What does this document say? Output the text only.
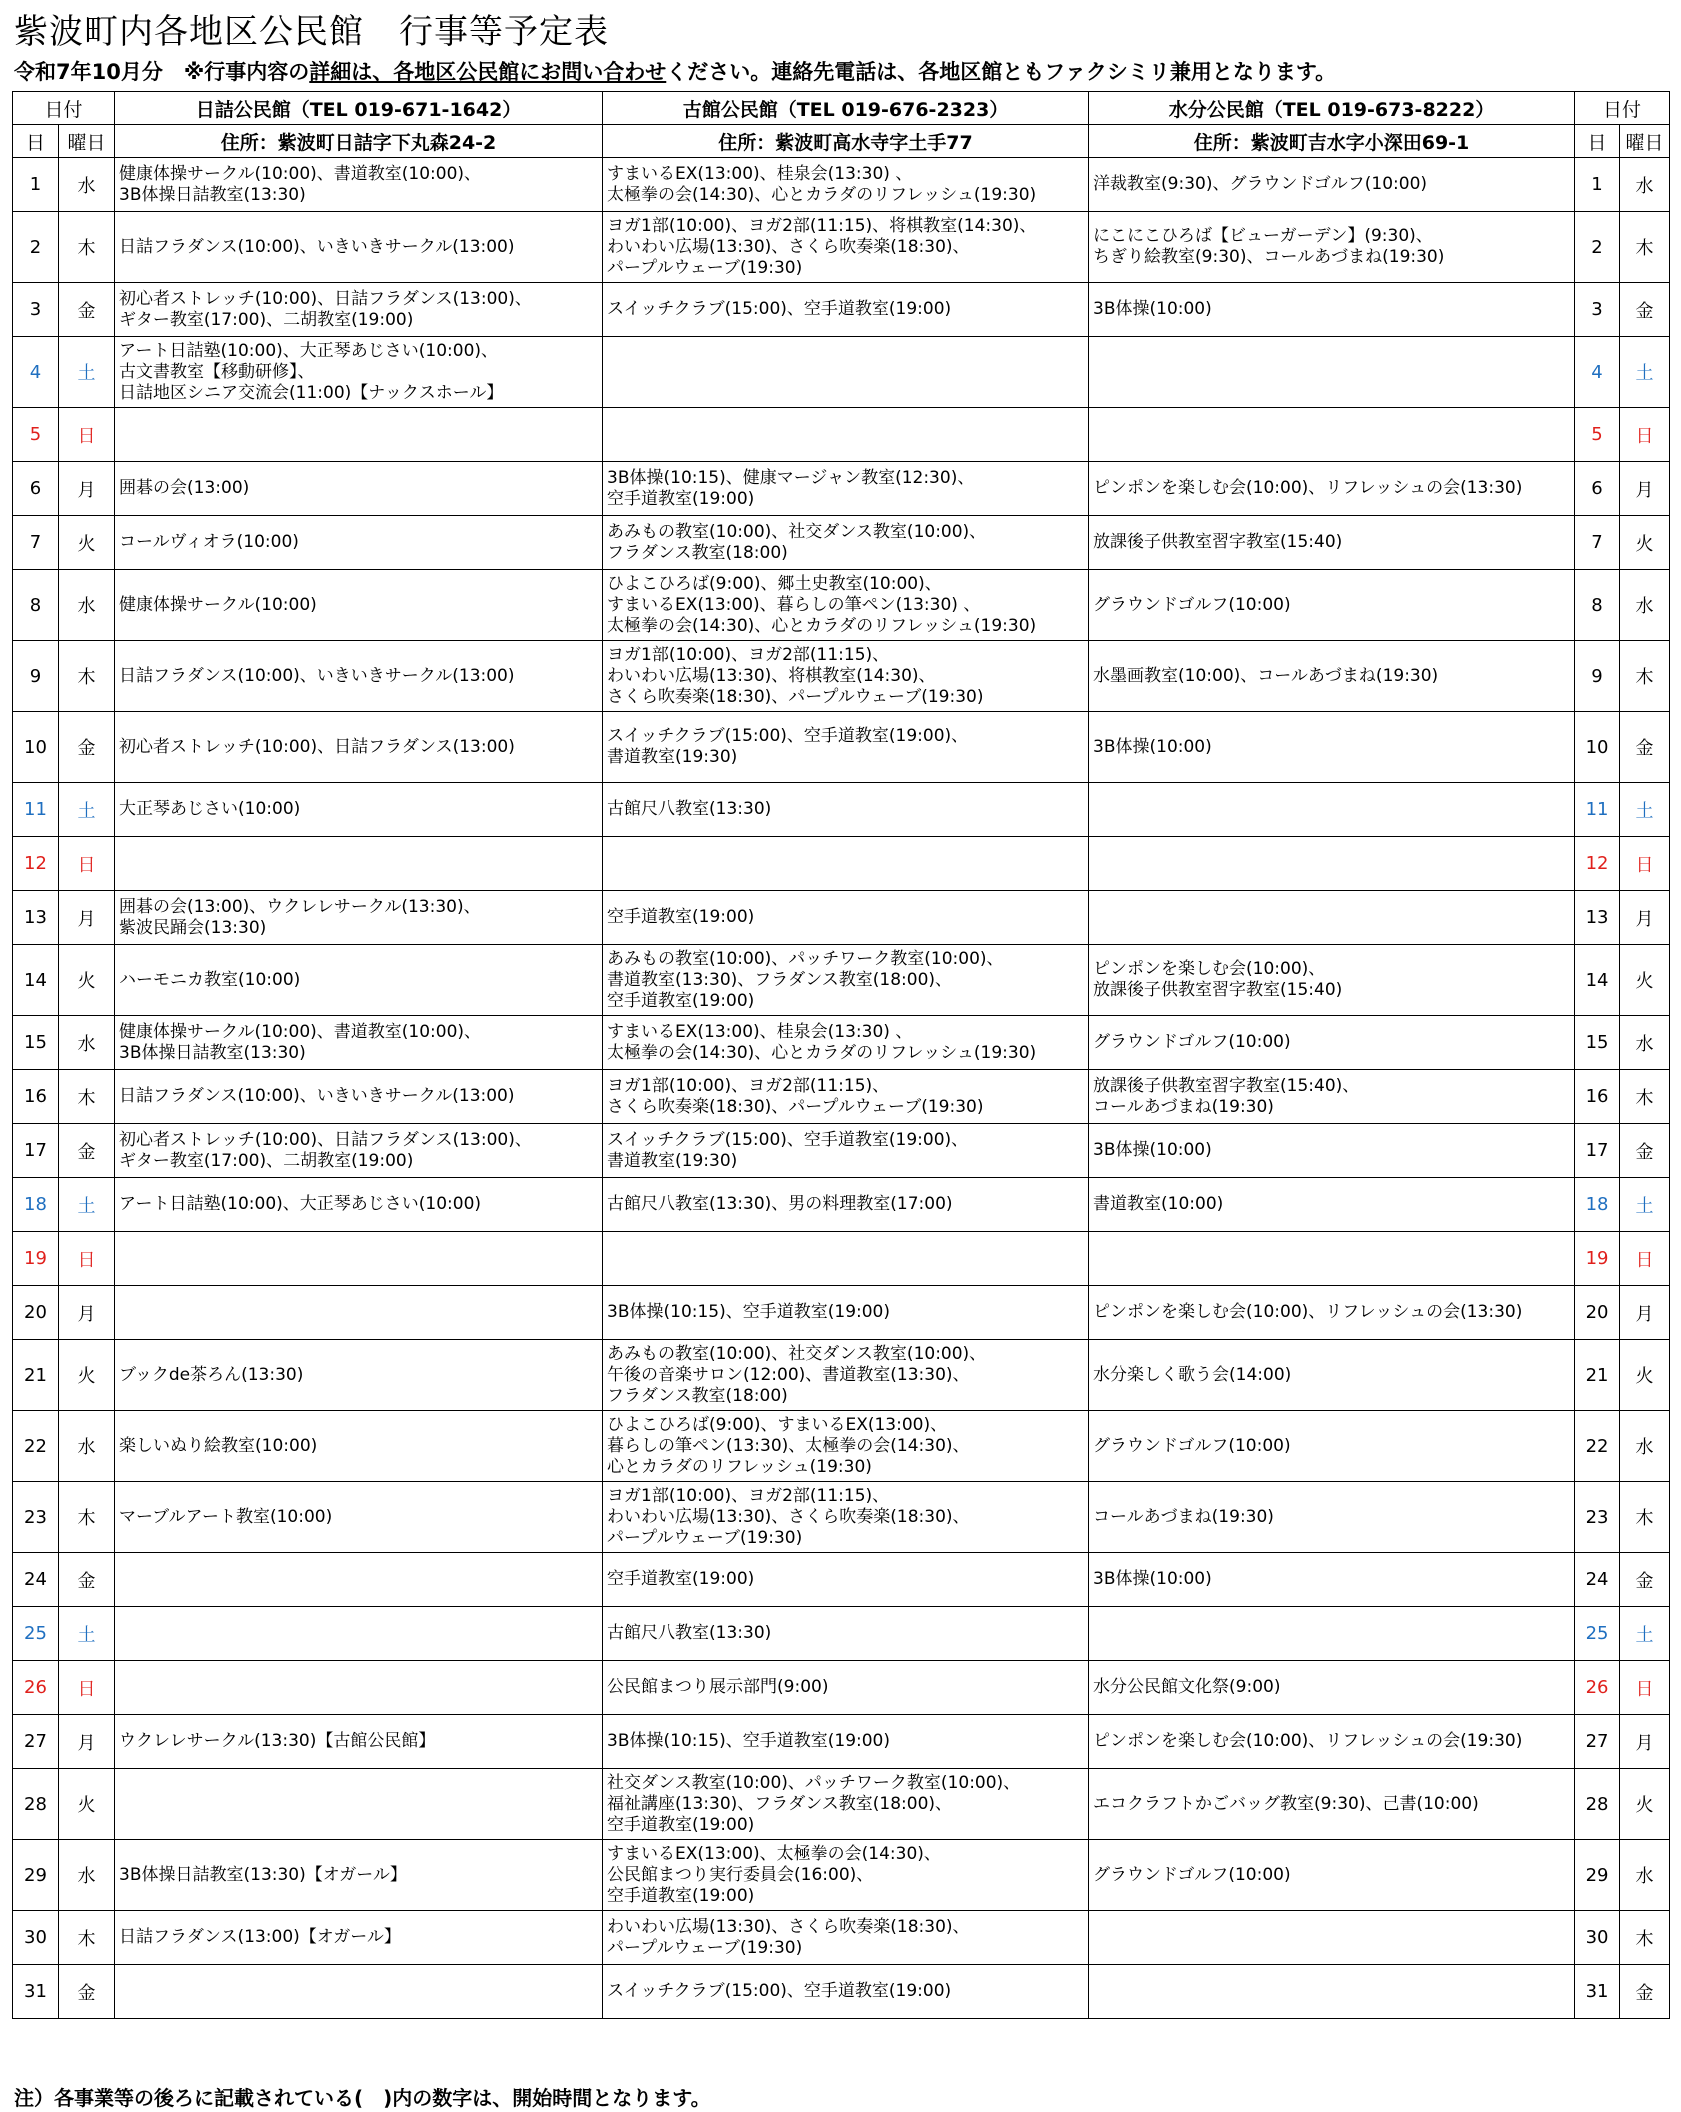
紫波町内各地区公民館　行事等予定表
令和7年10月分　※行事内容の詳細は、各地区公民館にお問い合わせください。連絡先電話は、各地区館ともファクシミリ兼用となります。
日付		日詰公民館（TEL 019-671-1642）	古館公民館（TEL 019-676-2323）	水分公民館（TEL 019-673-8222）	日付	
日	曜日	住所：紫波町日詰字下丸森24-2	住所：紫波町高水寺字土手77	住所：紫波町吉水字小深田69-1	日	曜日
1	水	健康体操サークル(10:00)、書道教室(10:00)、
3B体操日詰教室(13:30)	すまいるEX(13:00)、桂泉会(13:30) 、
太極拳の会(14:30)、心とカラダのリフレッシュ(19:30)	洋裁教室(9:30)、グラウンドゴルフ(10:00)	1	水
2	木	日詰フラダンス(10:00)、いきいきサークル(13:00)	ヨガ1部(10:00)、ヨガ2部(11:15)、将棋教室(14:30)、
わいわい広場(13:30)、さくら吹奏楽(18:30)、
パープルウェーブ(19:30)	にこにこひろば【ビューガーデン】(9:30)、
ちぎり絵教室(9:30)、コールあづまね(19:30)	2	木
3	金	初心者ストレッチ(10:00)、日詰フラダンス(13:00)、
ギター教室(17:00)、二胡教室(19:00)	スイッチクラブ(15:00)、空手道教室(19:00)	3B体操(10:00)	3	金
4	土	アート日詰塾(10:00)、大正琴あじさい(10:00)、
古文書教室【移動研修】、
日詰地区シニア交流会(11:00)【ナックスホール】			4	土
5	日				5	日
6	月	囲碁の会(13:00)	3B体操(10:15)、健康マージャン教室(12:30)、
空手道教室(19:00)	ピンポンを楽しむ会(10:00)、リフレッシュの会(13:30)	6	月
7	火	コールヴィオラ(10:00)	あみもの教室(10:00)、社交ダンス教室(10:00)、
フラダンス教室(18:00)	放課後子供教室習字教室(15:40)	7	火
8	水	健康体操サークル(10:00)	ひよこひろば(9:00)、郷土史教室(10:00)、
すまいるEX(13:00)、暮らしの筆ペン(13:30) 、
太極拳の会(14:30)、心とカラダのリフレッシュ(19:30)	グラウンドゴルフ(10:00)	8	水
9	木	日詰フラダンス(10:00)、いきいきサークル(13:00)	ヨガ1部(10:00)、ヨガ2部(11:15)、
わいわい広場(13:30)、将棋教室(14:30)、
さくら吹奏楽(18:30)、パープルウェーブ(19:30)	水墨画教室(10:00)、コールあづまね(19:30)	9	木
10	金	初心者ストレッチ(10:00)、日詰フラダンス(13:00)	スイッチクラブ(15:00)、空手道教室(19:00)、
書道教室(19:30)	3B体操(10:00)	10	金
11	土	大正琴あじさい(10:00)	古館尺八教室(13:30)		11	土
12	日				12	日
13	月	囲碁の会(13:00)、ウクレレサークル(13:30)、
紫波民踊会(13:30)	空手道教室(19:00)		13	月
14	火	ハーモニカ教室(10:00)	あみもの教室(10:00)、パッチワーク教室(10:00)、
書道教室(13:30)、フラダンス教室(18:00)、
空手道教室(19:00)	ピンポンを楽しむ会(10:00)、
放課後子供教室習字教室(15:40)	14	火
15	水	健康体操サークル(10:00)、書道教室(10:00)、
3B体操日詰教室(13:30)	すまいるEX(13:00)、桂泉会(13:30) 、
太極拳の会(14:30)、心とカラダのリフレッシュ(19:30)	グラウンドゴルフ(10:00)	15	水
16	木	日詰フラダンス(10:00)、いきいきサークル(13:00)	ヨガ1部(10:00)、ヨガ2部(11:15)、
さくら吹奏楽(18:30)、パープルウェーブ(19:30)	放課後子供教室習字教室(15:40)、
コールあづまね(19:30)	16	木
17	金	初心者ストレッチ(10:00)、日詰フラダンス(13:00)、
ギター教室(17:00)、二胡教室(19:00)	スイッチクラブ(15:00)、空手道教室(19:00)、
書道教室(19:30)	3B体操(10:00)	17	金
18	土	アート日詰塾(10:00)、大正琴あじさい(10:00)	古館尺八教室(13:30)、男の料理教室(17:00)	書道教室(10:00)	18	土
19	日				19	日
20	月		3B体操(10:15)、空手道教室(19:00)	ピンポンを楽しむ会(10:00)、リフレッシュの会(13:30)	20	月
21	火	ブックde茶ろん(13:30)	あみもの教室(10:00)、社交ダンス教室(10:00)、
午後の音楽サロン(12:00)、書道教室(13:30)、
フラダンス教室(18:00)	水分楽しく歌う会(14:00)	21	火
22	水	楽しいぬり絵教室(10:00)	ひよこひろば(9:00)、すまいるEX(13:00)、
暮らしの筆ペン(13:30)、太極拳の会(14:30)、
心とカラダのリフレッシュ(19:30)	グラウンドゴルフ(10:00)	22	水
23	木	マーブルアート教室(10:00)	ヨガ1部(10:00)、ヨガ2部(11:15)、
わいわい広場(13:30)、さくら吹奏楽(18:30)、
パープルウェーブ(19:30)	コールあづまね(19:30)	23	木
24	金		空手道教室(19:00)	3B体操(10:00)	24	金
25	土		古館尺八教室(13:30)		25	土
26	日		公民館まつり展示部門(9:00)	水分公民館文化祭(9:00)	26	日
27	月	ウクレレサークル(13:30)【古館公民館】	3B体操(10:15)、空手道教室(19:00)	ピンポンを楽しむ会(10:00)、リフレッシュの会(19:30)	27	月
28	火		社交ダンス教室(10:00)、パッチワーク教室(10:00)、
福祉講座(13:30)、フラダンス教室(18:00)、
空手道教室(19:00)	エコクラフトかごバッグ教室(9:30)、己書(10:00)	28	火
29	水	3B体操日詰教室(13:30)【オガール】	すまいるEX(13:00)、太極拳の会(14:30)、
公民館まつり実行委員会(16:00)、
空手道教室(19:00)	グラウンドゴルフ(10:00)	29	水
30	木	日詰フラダンス(13:00)【オガール】	わいわい広場(13:30)、さくら吹奏楽(18:30)、
パープルウェーブ(19:30)		30	木
31	金		スイッチクラブ(15:00)、空手道教室(19:00)		31	金
注）各事業等の後ろに記載されている(　)内の数字は、開始時間となります。
